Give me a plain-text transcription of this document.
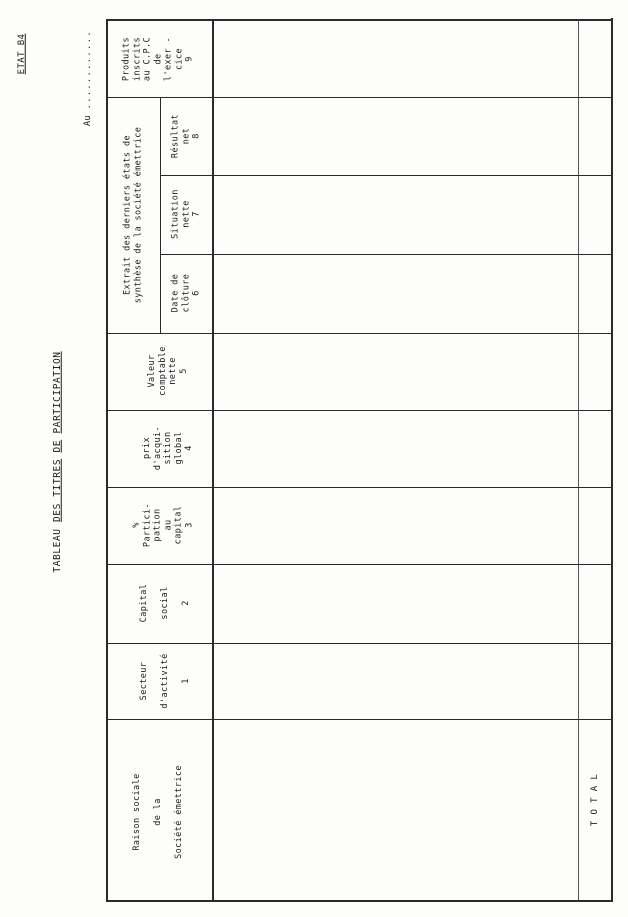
ETAT B4
Au ............
TABLEAU DES TITRES DE PARTICIPATION
Produits
inscrits
au C.P.C
de
l'exer -
cice
9
Extrait des derniers états de
synthèse de la société émettrice	Résultat
net
8
Situation
nette
7
Date de
clôture
6
Valeur
comptable
nette
5
prix
d'acqui-
sition
global
4
%
Partici-
pation
au
capital
3
Capital

social

2
Secteur

d'activité

1
Raison sociale

de la

Société émettrice	T O T A L
